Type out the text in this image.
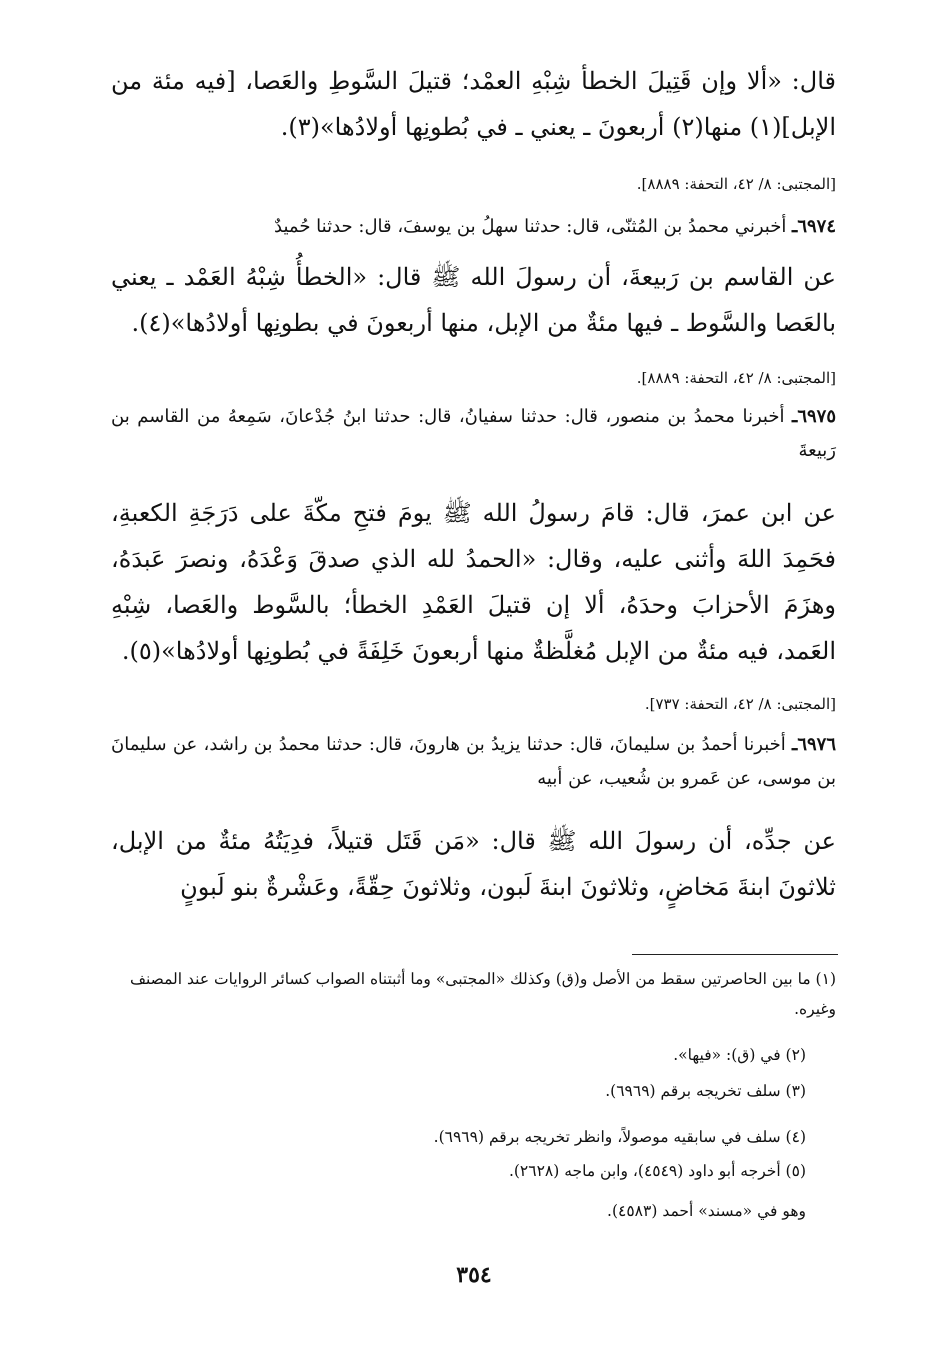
قال: «ألا وإن قَتِيلَ الخطأ شِبْهِ العمْد؛ قتيلَ السَّوطِ والعَصا، [فيه مئة من الإبل](١) منها(٢) أربعونَ ـ يعني ـ في بُطونِها أولادُها»(٣).
[المجتبى: ٨/ ٤٢، التحفة: ٨٨٨٩].
٦٩٧٤ـ أخبرني محمدُ بن المُثنّى، قال: حدثنا سهلُ بن يوسفَ، قال: حدثنا حُميدٌ
عن القاسم بن رَبيعةَ، أن رسولَ الله ﷺ قال: «الخطأُ شِبْهُ العَمْد ـ يعني بالعَصا والسَّوط ـ فيها مئةٌ من الإبل، منها أربعونَ في بطونِها أولادُها»(٤).
[المجتبى: ٨/ ٤٢، التحفة: ٨٨٨٩].
٦٩٧٥ـ أخبرنا محمدُ بن منصور، قال: حدثنا سفيانُ، قال: حدثنا ابنُ جُدْعانَ، سَمِعهُ من القاسم بن رَبيعةَ
عن ابن عمرَ، قال: قامَ رسولُ الله ﷺ يومَ فتحِ مكّةَ على دَرَجَةِ الكعبةِ، فحَمِدَ اللهَ وأثنى عليه، وقال: «الحمدُ لله الذي صدقَ وَعْدَهُ، ونصرَ عَبدَهُ، وهزَمَ الأحزابَ وحدَهُ، ألا إن قتيلَ العَمْدِ الخطأ؛ بالسَّوط والعَصا، شِبْهِ العَمد، فيه مئةٌ من الإبل مُغلَّظةٌ منها أربعونَ خَلِفَةً في بُطونِها أولادُها»(٥).
[المجتبى: ٨/ ٤٢، التحفة: ٧٣٧].
٦٩٧٦ـ أخبرنا أحمدُ بن سليمانَ، قال: حدثنا يزيدُ بن هارونَ، قال: حدثنا محمدُ بن راشد، عن سليمانَ بن موسى، عن عَمرو بن شُعيب، عن أبيه
عن جدِّه، أن رسولَ الله ﷺ قال: «مَن قَتَل قتيلاً، فدِيَتُهُ مئةٌ من الإبل، ثلاثونَ ابنةَ مَخاضٍ، وثلاثونَ ابنةَ لَبون، وثلاثونَ حِقّةً، وعَشْرةٌ بنو لَبونٍ
(١) ما بين الحاصرتين سقط من الأصل و(ق) وكذلك «المجتبى» وما أثبتناه الصواب كسائر الروايات عند المصنف وغيره.
(٢) في (ق): «فيها».
(٣) سلف تخريجه برقم (٦٩٦٩).
(٤) سلف في سابقيه موصولاً، وانظر تخريجه برقم (٦٩٦٩).
(٥) أخرجه أبو داود (٤٥٤٩)، وابن ماجه (٢٦٢٨).
وهو في «مسند» أحمد (٤٥٨٣).
٣٥٤
